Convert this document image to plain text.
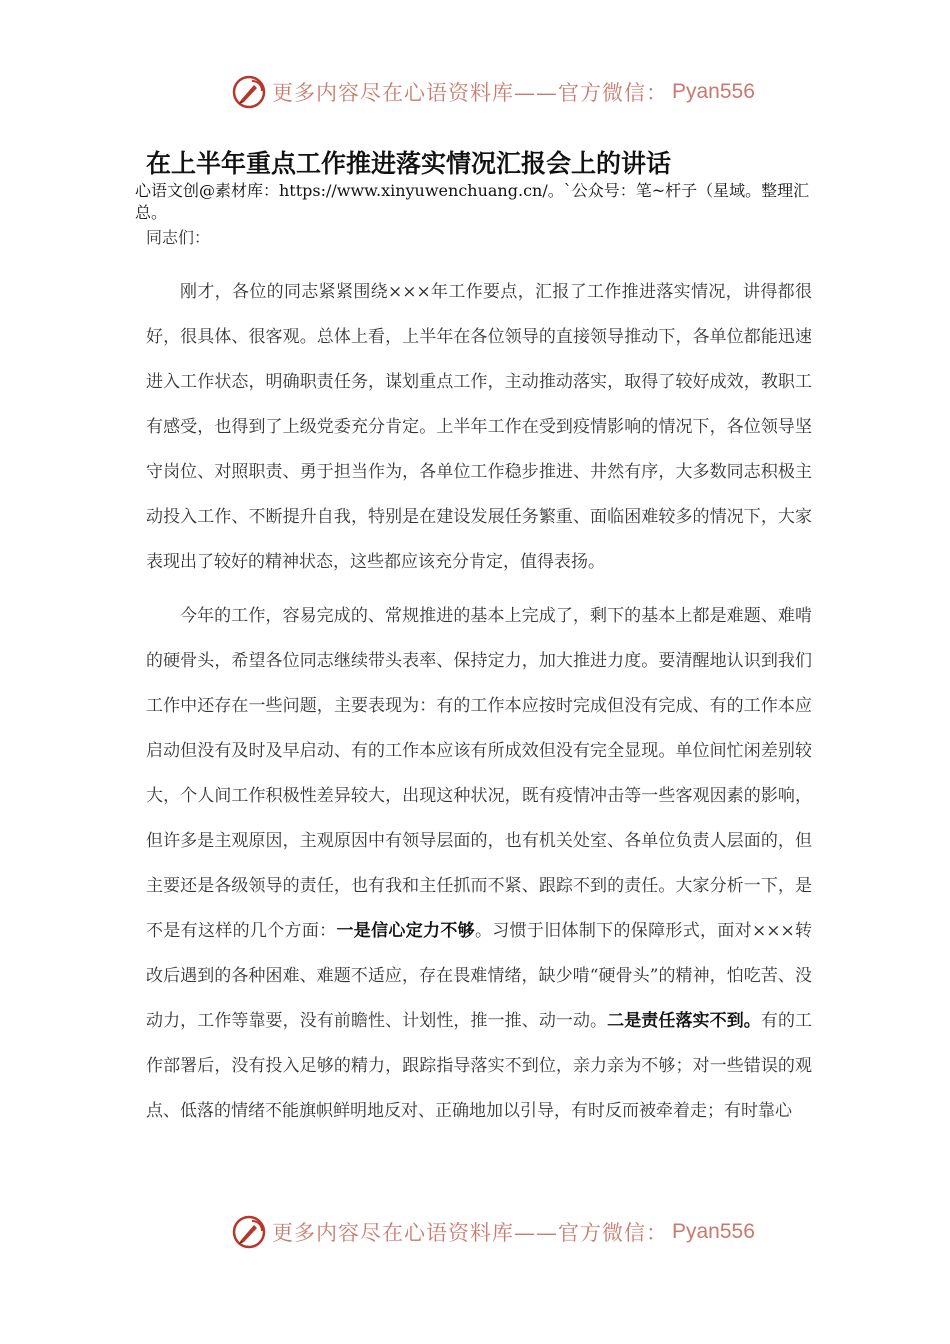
更多内容尽在心语资料库——官方微信： Pyan556
在上半年重点工作推进落实情况汇报会上的讲话
心语文创@素材库：https://www.xinyuwenchuang.cn/。`公众号：笔~杆子（星域。整理汇总。
同志们：

刚才，各位的同志紧紧围绕×××年工作要点，汇报了工作推进落实情况，讲得都很好，很具体、很客观。总体上看，上半年在各位领导的直接领导推动下，各单位都能迅速进入工作状态，明确职责任务，谋划重点工作，主动推动落实，取得了较好成效，教职工有感受，也得到了上级党委充分肯定。上半年工作在受到疫情影响的情况下，各位领导坚守岗位、对照职责、勇于担当作为，各单位工作稳步推进、井然有序，大多数同志积极主动投入工作、不断提升自我，特别是在建设发展任务繁重、面临困难较多的情况下，大家表现出了较好的精神状态，这些都应该充分肯定，值得表扬。

今年的工作，容易完成的、常规推进的基本上完成了，剩下的基本上都是难题、难啃的硬骨头，希望各位同志继续带头表率、保持定力，加大推进力度。要清醒地认识到我们工作中还存在一些问题，主要表现为：有的工作本应按时完成但没有完成、有的工作本应启动但没有及时及早启动、有的工作本应该有所成效但没有完全显现。单位间忙闲差别较大，个人间工作积极性差异较大，出现这种状况，既有疫情冲击等一些客观因素的影响，但许多是主观原因，主观原因中有领导层面的，也有机关处室、各单位负责人层面的，但主要还是各级领导的责任，也有我和主任抓而不紧、跟踪不到的责任。大家分析一下，是不是有这样的几个方面：一是信心定力不够。习惯于旧体制下的保障形式，面对×××转改后遇到的各种困难、难题不适应，存在畏难情绪，缺少啃“硬骨头”的精神，怕吃苦、没动力，工作等靠要，没有前瞻性、计划性，推一推、动一动。二是责任落实不到。有的工作部署后，没有投入足够的精力，跟踪指导落实不到位，亲力亲为不够；对一些错误的观点、低落的情绪不能旗帜鲜明地反对、正确地加以引导，有时反而被牵着走；有时靠心

更多内容尽在心语资料库——官方微信： Pyan556
